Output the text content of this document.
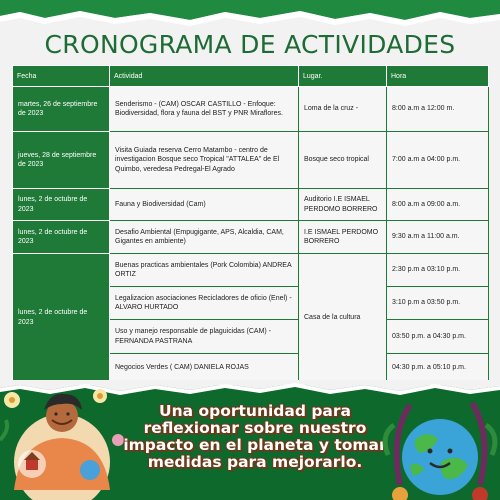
CRONOGRAMA DE ACTIVIDADES
Fecha	Actividad	Lugar.	Hora
martes, 26 de septiembre de 2023	Senderismo - (CAM) OSCAR CASTILLO - Enfoque: Biodiversidad, flora y fauna del BST y PNR Miraflores.	Loma de la cruz -	8:00 a.m a 12:00 m.
jueves, 28 de septiembre de 2023	Visita Guiada reserva Cerro Matambo - centro de investigacion Bosque seco Tropical "ATTALEA" de El Quimbo, veredesa Pedregal-El Agrado	Bosque seco tropical	7:00 a.m a 04:00 p.m.
lunes, 2 de octubre de 2023	Fauna y Biodiversidad (Cam)	Auditorio I.E ISMAEL PERDOMO BORRERO	8:00 a.m a 09:00 a.m.
lunes, 2 de octubre de 2023	Desafio Ambiental (Empugigante, APS, Alcaldia, CAM, Gigantes en ambiente)	I.E ISMAEL PERDOMO BORRERO	9:30 a.m a 11:00 a.m.
lunes, 2 de octubre de 2023	Buenas practicas ambientales (Pork Colombia) ANDREA ORTIZ	Casa de la cultura	2:30 p.m a 03:10 p.m.
	Legalizacion asociaciones Recicladores de oficio (Enel) - ALVARO HURTADO		3:10 p.m a 03:50 p.m.
	Uso y manejo responsable de plaguicidas (CAM) - FERNANDA PASTRANA		03:50 p.m. a 04:30 p.m.
	Negocios Verdes ( CAM) DANIELA ROJAS		04:30 p.m. a 05:10 p.m.
Una oportunidad para reflexionar sobre nuestro impacto en el planeta y tomar medidas para mejorarlo.
